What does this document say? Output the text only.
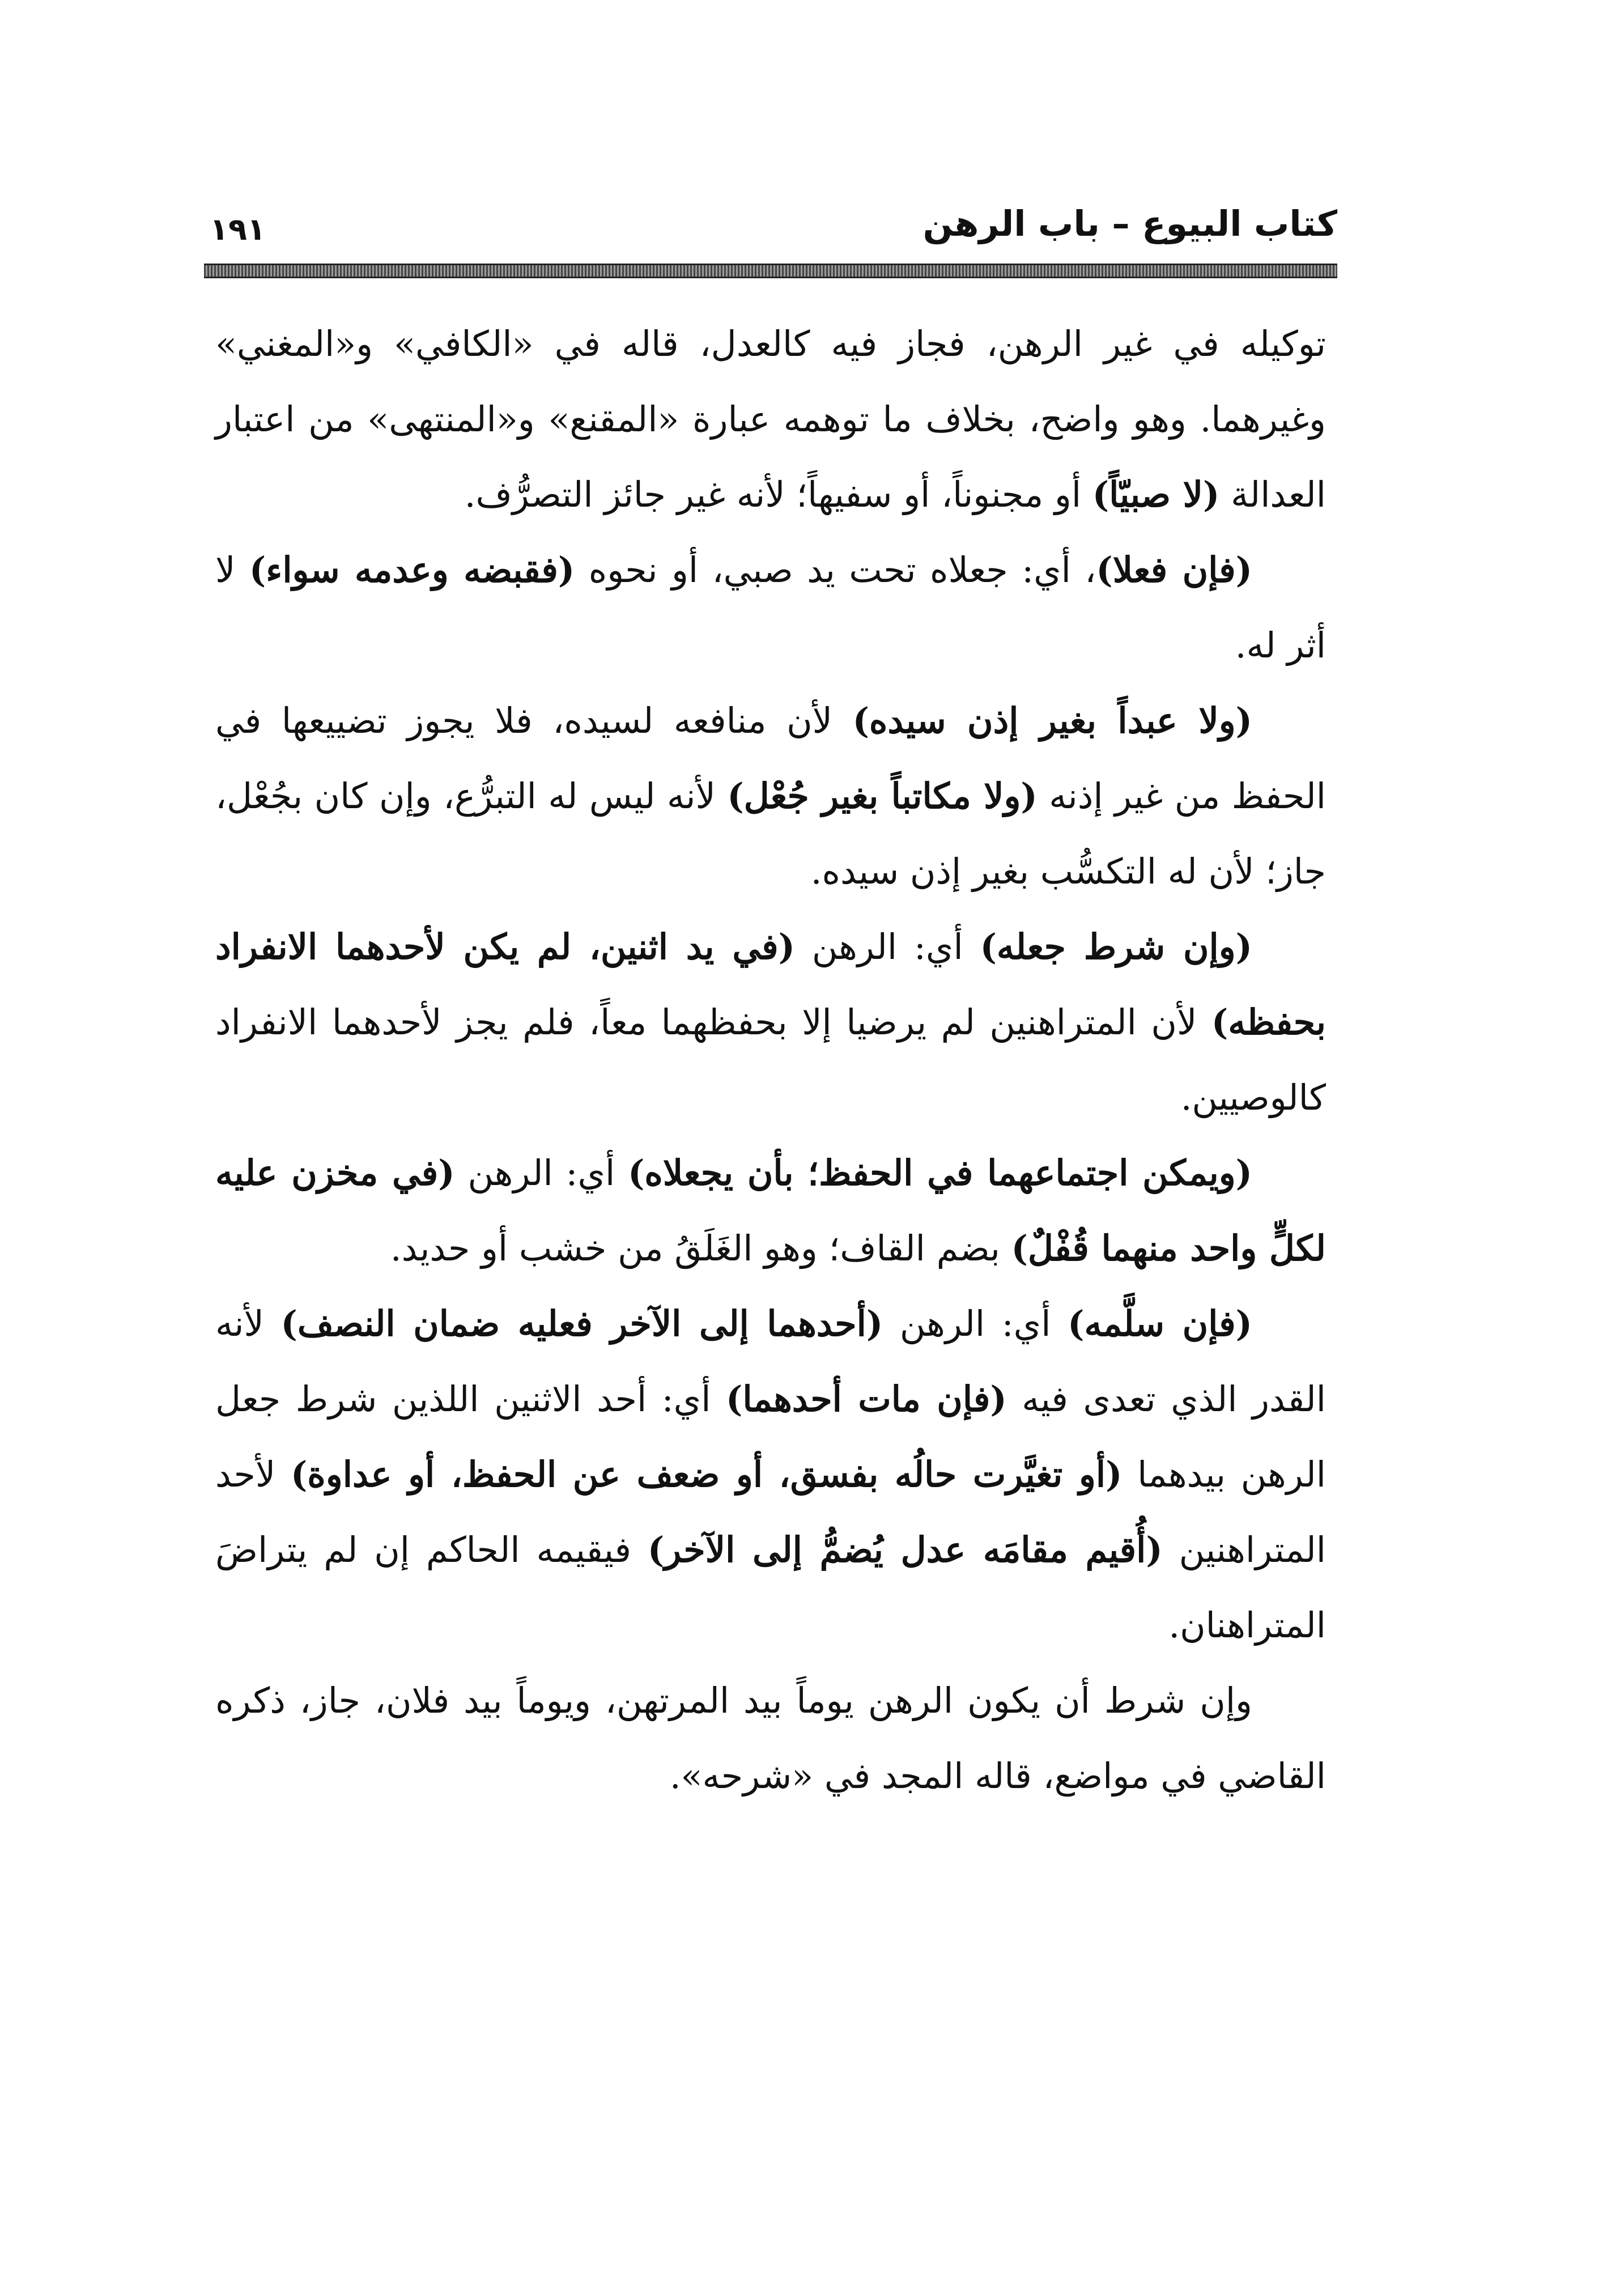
كتاب البيوع – باب الرهن
١٩١

توكيله في غير الرهن، فجاز فيه كالعدل، قاله في «الكافي» و«المغني» وغيرهما. وهو واضح، بخلاف ما توهمه عبارة «المقنع» و«المنتهى» من اعتبار العدالة (لا صبيّاً) أو مجنوناً، أو سفيهاً؛ لأنه غير جائز التصرُّف.

(فإن فعلا)، أي: جعلاه تحت يد صبي، أو نحوه (فقبضه وعدمه سواء) لا أثر له.

(ولا عبداً بغير إذن سيده) لأن منافعه لسيده، فلا يجوز تضييعها في الحفظ من غير إذنه (ولا مكاتباً بغير جُعْل) لأنه ليس له التبرُّع، وإن كان بجُعْل، جاز؛ لأن له التكسُّب بغير إذن سيده.

(وإن شرط جعله) أي: الرهن (في يد اثنين، لم يكن لأحدهما الانفراد بحفظه) لأن المتراهنين لم يرضيا إلا بحفظهما معاً، فلم يجز لأحدهما الانفراد كالوصيين.

(ويمكن اجتماعهما في الحفظ؛ بأن يجعلاه) أي: الرهن (في مخزن عليه لكلٍّ واحد منهما قُفْلٌ) بضم القاف؛ وهو الغَلَقُ من خشب أو حديد.

(فإن سلَّمه) أي: الرهن (أحدهما إلى الآخر فعليه ضمان النصف) لأنه القدر الذي تعدى فيه (فإن مات أحدهما) أي: أحد الاثنين اللذين شرط جعل الرهن بيدهما (أو تغيَّرت حالُه بفسق، أو ضعف عن الحفظ، أو عداوة) لأحد المتراهنين (أُقيم مقامَه عدل يُضمُّ إلى الآخر) فيقيمه الحاكم إن لم يتراضَ المتراهنان.

وإن شرط أن يكون الرهن يوماً بيد المرتهن، ويوماً بيد فلان، جاز، ذكره القاضي في مواضع، قاله المجد في «شرحه».
